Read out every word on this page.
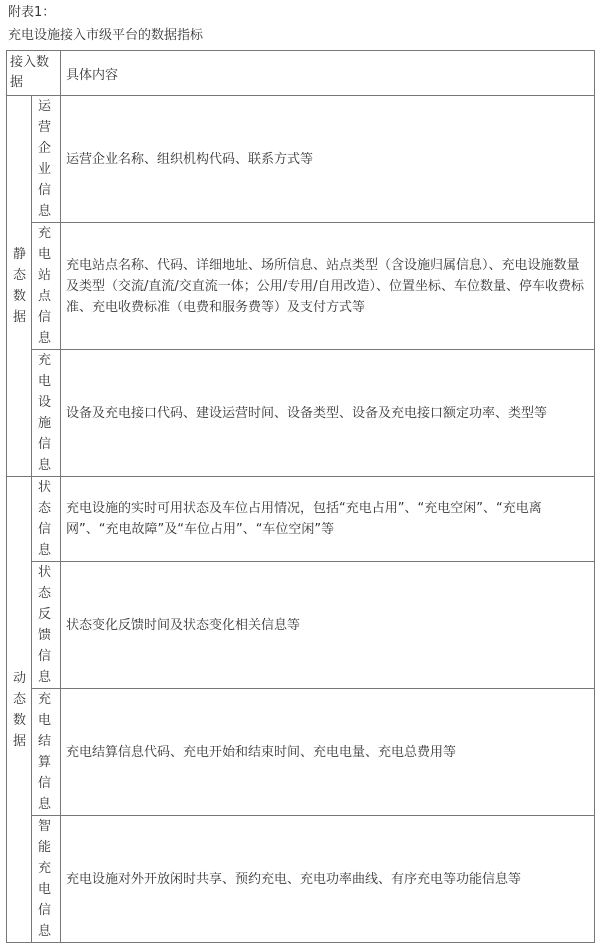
附表1：
充电设施接入市级平台的数据指标
接入数据		具体内容

静态数据	运营企业信息	运营企业名称、组织机构代码、联系方式等

	充电站点信息	充电站点名称、代码、详细地址、场所信息、站点类型（含设施归属信息）、充电设施数量及类型（交流/直流/交直流一体；公用/专用/自用改造）、位置坐标、车位数量、停车收费标准、充电收费标准（电费和服务费等）及支付方式等

	充电设施信息	设备及充电接口代码、建设运营时间、设备类型、设备及充电接口额定功率、类型等

动态数据	状态信息	充电设施的实时可用状态及车位占用情况，包括“充电占用”、“充电空闲”、“充电离网”、“充电故障”及“车位占用”、“车位空闲”等

	状态反馈信息	状态变化反馈时间及状态变化相关信息等

	充电结算信息	充电结算信息代码、充电开始和结束时间、充电电量、充电总费用等

	智能充电信息	充电设施对外开放闲时共享、预约充电、充电功率曲线、有序充电等功能信息等
